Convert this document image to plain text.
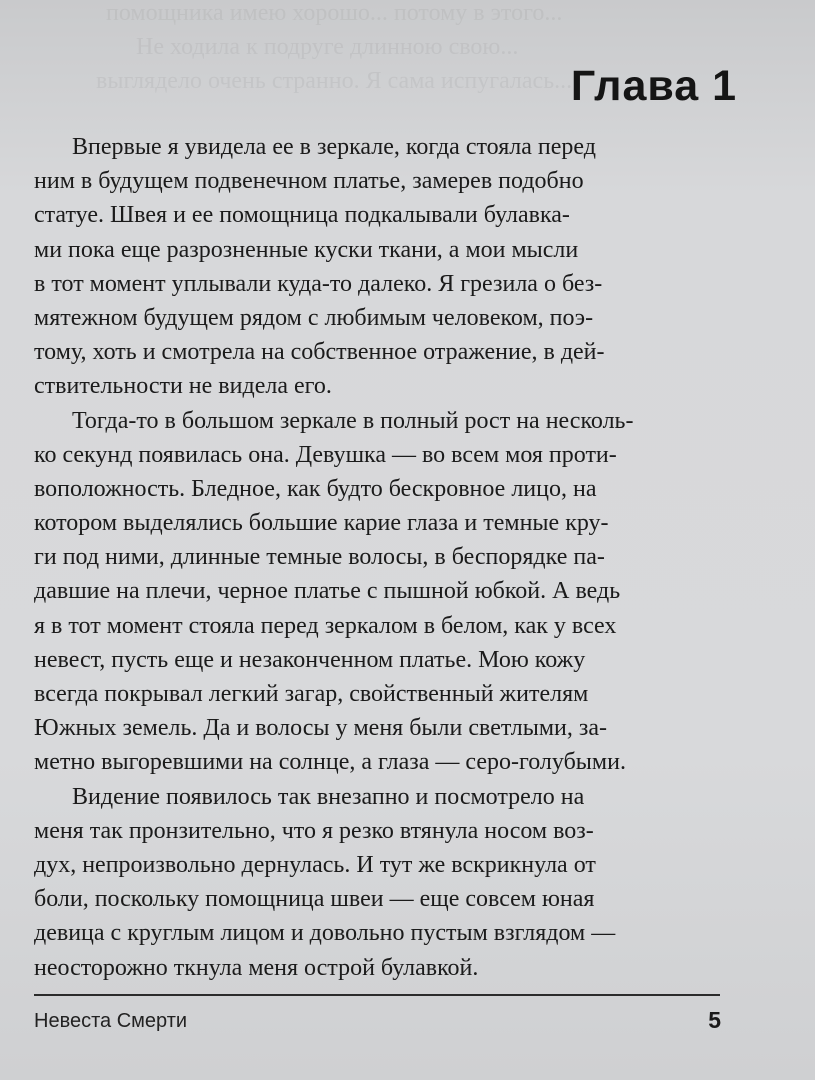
помощника имею хорошо... потому в этого...
Не ходила к подруге длинною свою...
выглядело очень странно. Я сама испугалась...
Глава 1

Впервые я увидела ее в зеркале, когда стояла перед
ним в будущем подвенечном платье, замерев подобно
статуе. Швея и ее помощница подкалывали булавка-
ми пока еще разрозненные куски ткани, а мои мысли
в тот момент уплывали куда-то далеко. Я грезила о без-
мятежном будущем рядом с любимым человеком, поэ-
тому, хоть и смотрела на собственное отражение, в дей-
ствительности не видела его.

Тогда-то в большом зеркале в полный рост на несколь-
ко секунд появилась она. Девушка — во всем моя проти-
воположность. Бледное, как будто бескровное лицо, на
котором выделялись большие карие глаза и темные кру-
ги под ними, длинные темные волосы, в беспорядке па-
давшие на плечи, черное платье с пышной юбкой. А ведь
я в тот момент стояла перед зеркалом в белом, как у всех
невест, пусть еще и незаконченном платье. Мою кожу
всегда покрывал легкий загар, свойственный жителям
Южных земель. Да и волосы у меня были светлыми, за-
метно выгоревшими на солнце, а глаза — серо-голубыми.

Видение появилось так внезапно и посмотрело на
меня так пронзительно, что я резко втянула носом воз-
дух, непроизвольно дернулась. И тут же вскрикнула от
боли, поскольку помощница швеи — еще совсем юная
девица с круглым лицом и довольно пустым взглядом —
неосторожно ткнула меня острой булавкой.

Невеста Смерти	5
